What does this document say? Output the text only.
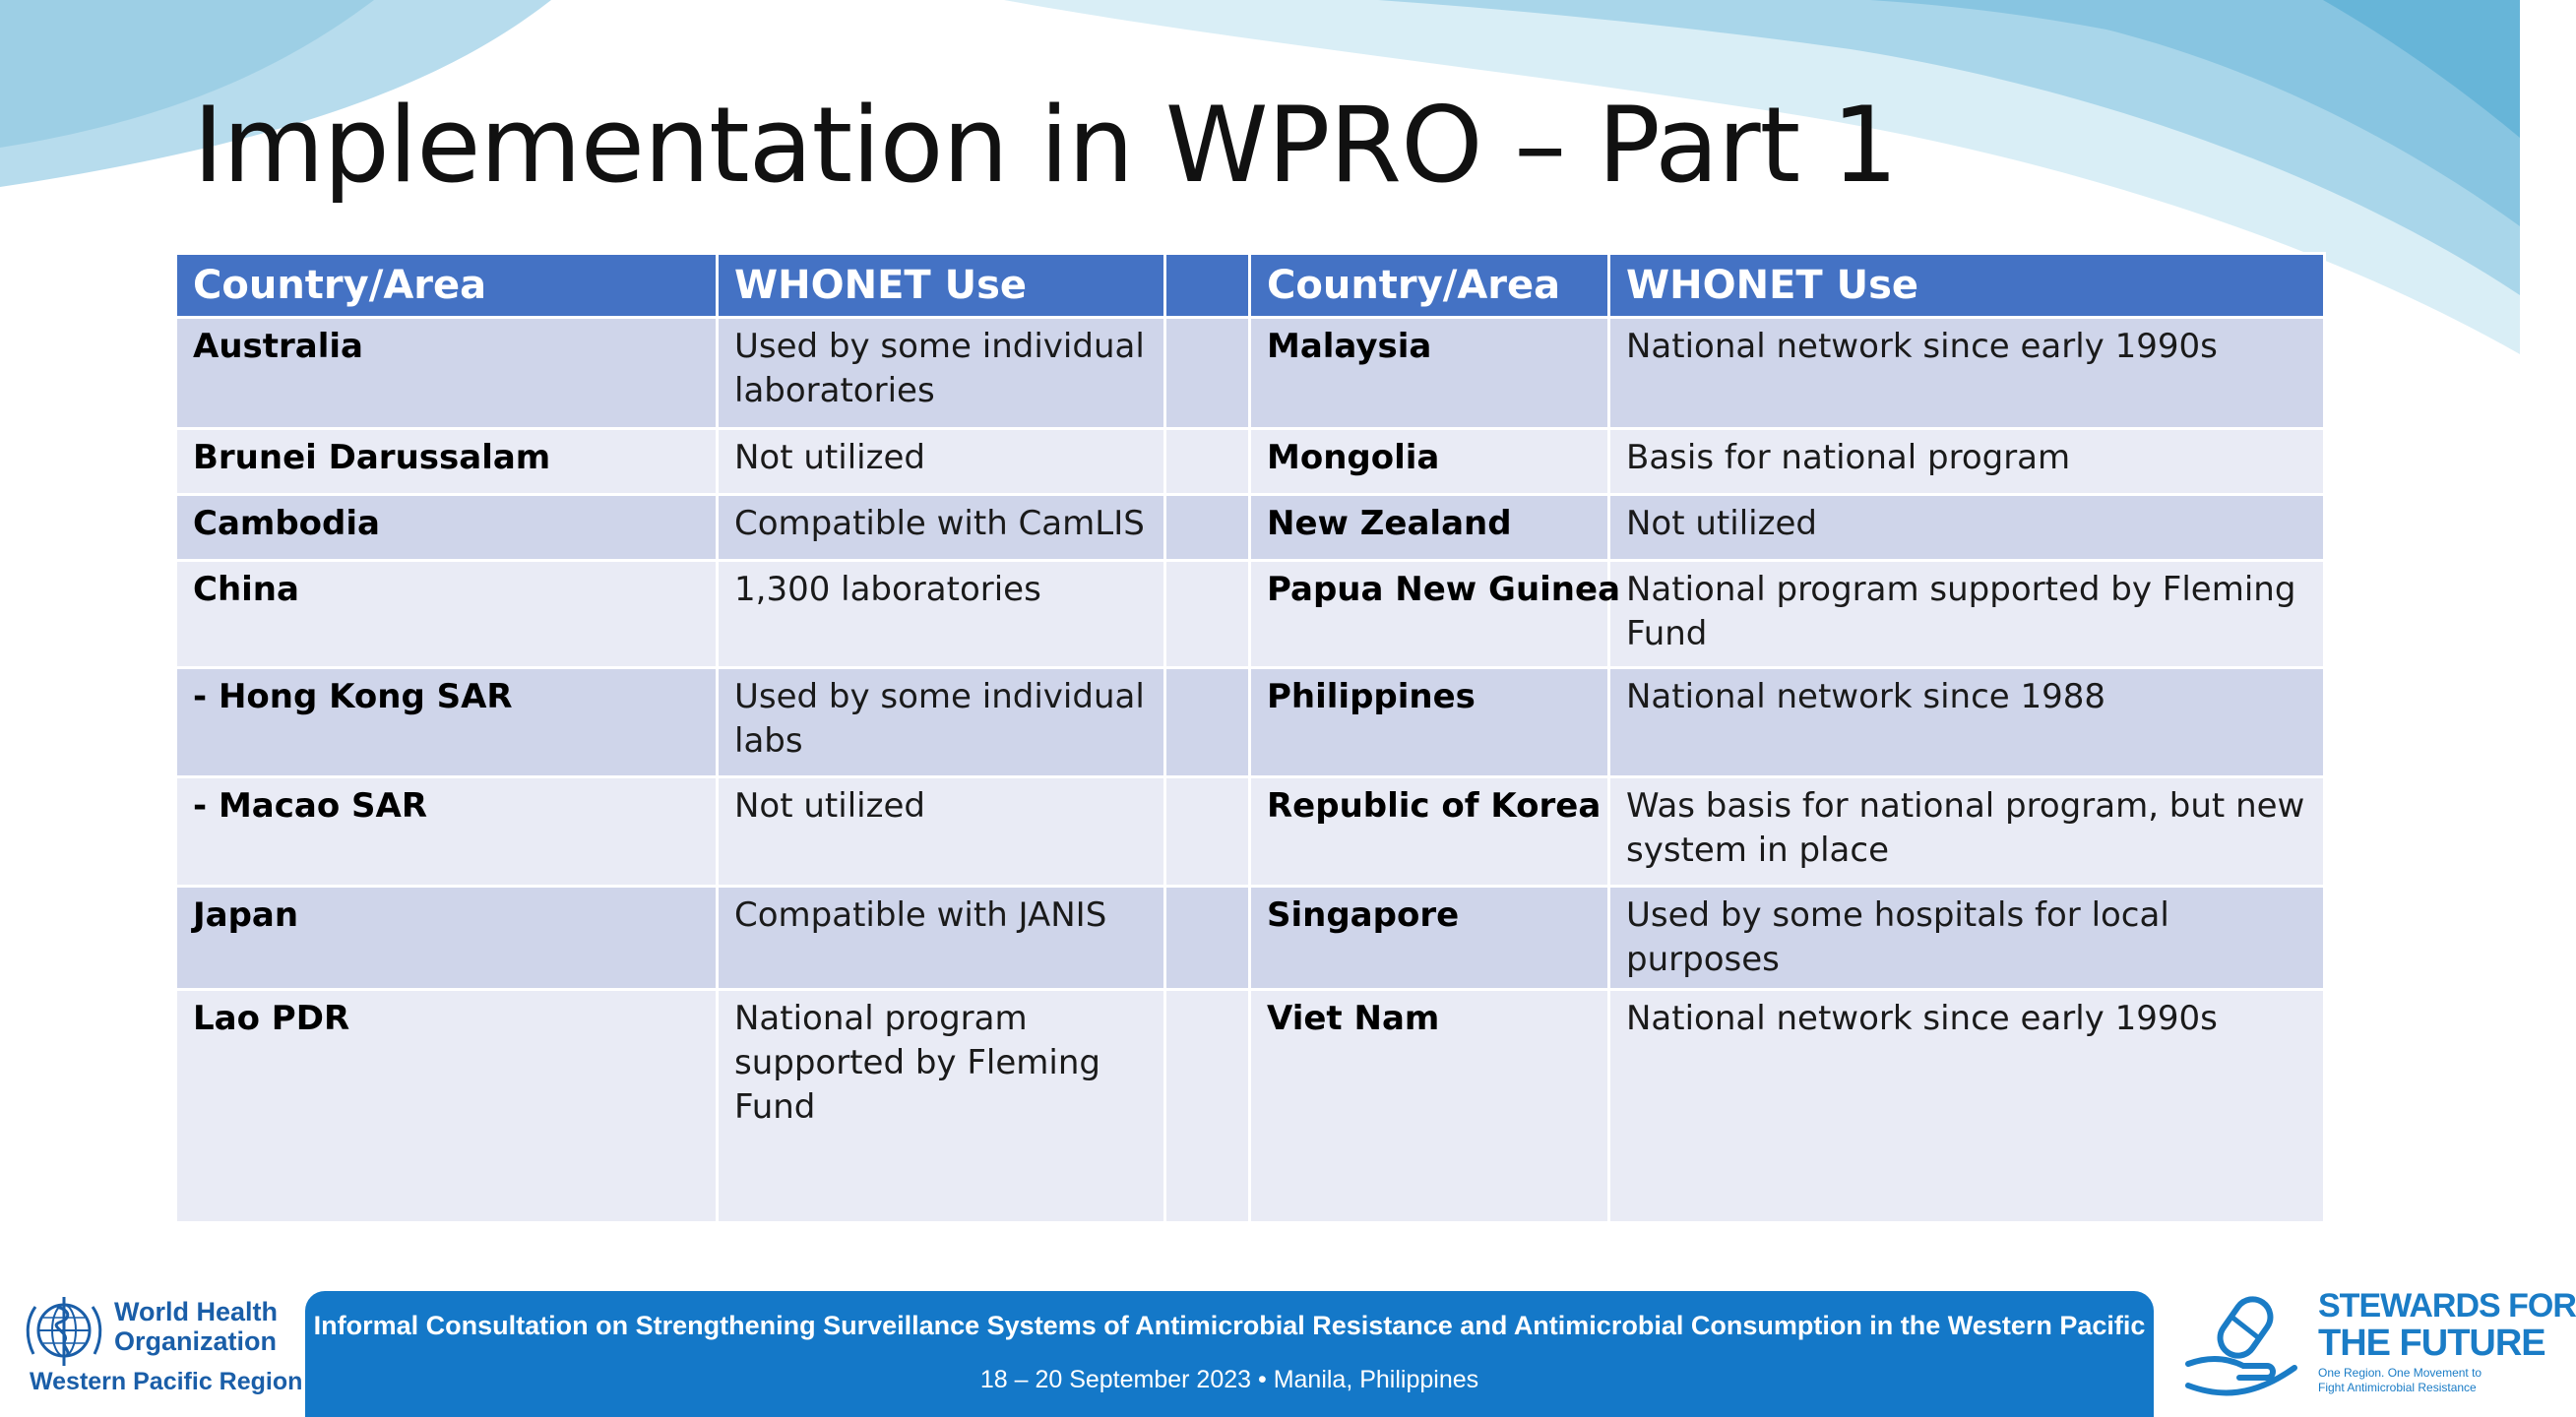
Implementation in WPRO – Part 1
Country/Area	WHONET Use		Country/Area	WHONET Use
Australia	Used by some individual laboratories		Malaysia	National network since early 1990s
Brunei Darussalam	Not utilized		Mongolia	Basis for national program
Cambodia	Compatible with CamLIS		New Zealand	Not utilized
China	1,300 laboratories		Papua New Guinea	National program supported by Fleming Fund
- Hong Kong SAR	Used by some individual labs		Philippines	National network since 1988
- Macao SAR	Not utilized		Republic of Korea	Was basis for national program, but new system in place
Japan	Compatible with JANIS		Singapore	Used by some hospitals for local purposes
Lao PDR	National program supported by Fleming Fund		Viet Nam	National network since early 1990s
World Health
Organization
Western Pacific Region
Informal Consultation on Strengthening Surveillance Systems of Antimicrobial Resistance and Antimicrobial Consumption in the Western Pacific
18 – 20 September 2023 • Manila, Philippines
STEWARDS FOR
THE FUTURE
One Region. One Movement to Fight Antimicrobial Resistance
